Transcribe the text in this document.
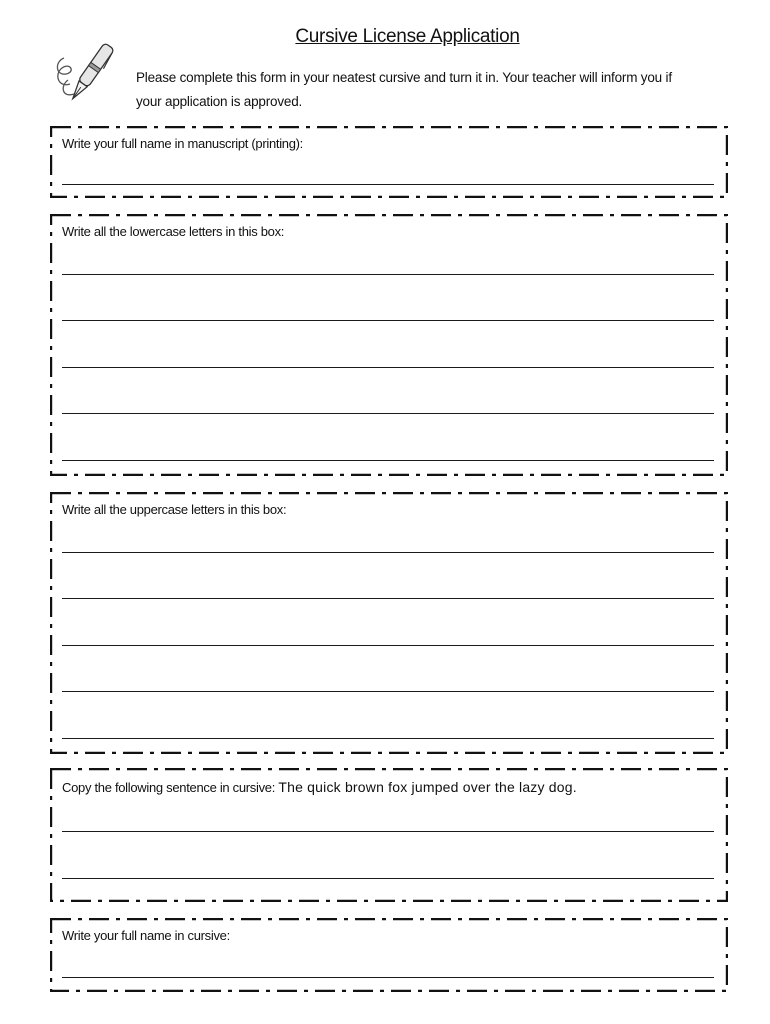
Cursive License Application
Please complete this form in your neatest cursive and turn it in. Your teacher will inform you if your application is approved.
Write your full name in manuscript (printing):
Write all the lowercase letters in this box:
Write all the uppercase letters in this box:
Copy the following sentence in cursive: The quick brown fox jumped over the lazy dog.
Write your full name in cursive:
